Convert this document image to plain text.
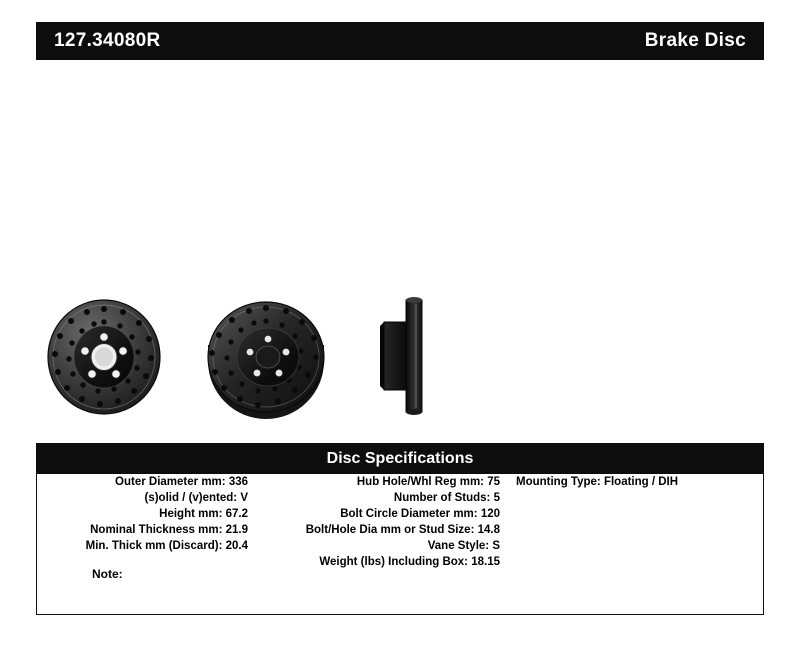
127.34080R	Brake Disc
Disc Specifications
Outer Diameter mm: 336
(s)olid / (v)ented: V
Height mm: 67.2
Nominal Thickness mm: 21.9
Min. Thick mm (Discard): 20.4
Hub Hole/Whl Reg mm: 75
Number of Studs: 5
Bolt Circle Diameter mm: 120
Bolt/Hole Dia mm or Stud Size: 14.8
Vane Style: S
Weight (lbs) Including Box: 18.15
Mounting Type: Floating / DIH
Note:
